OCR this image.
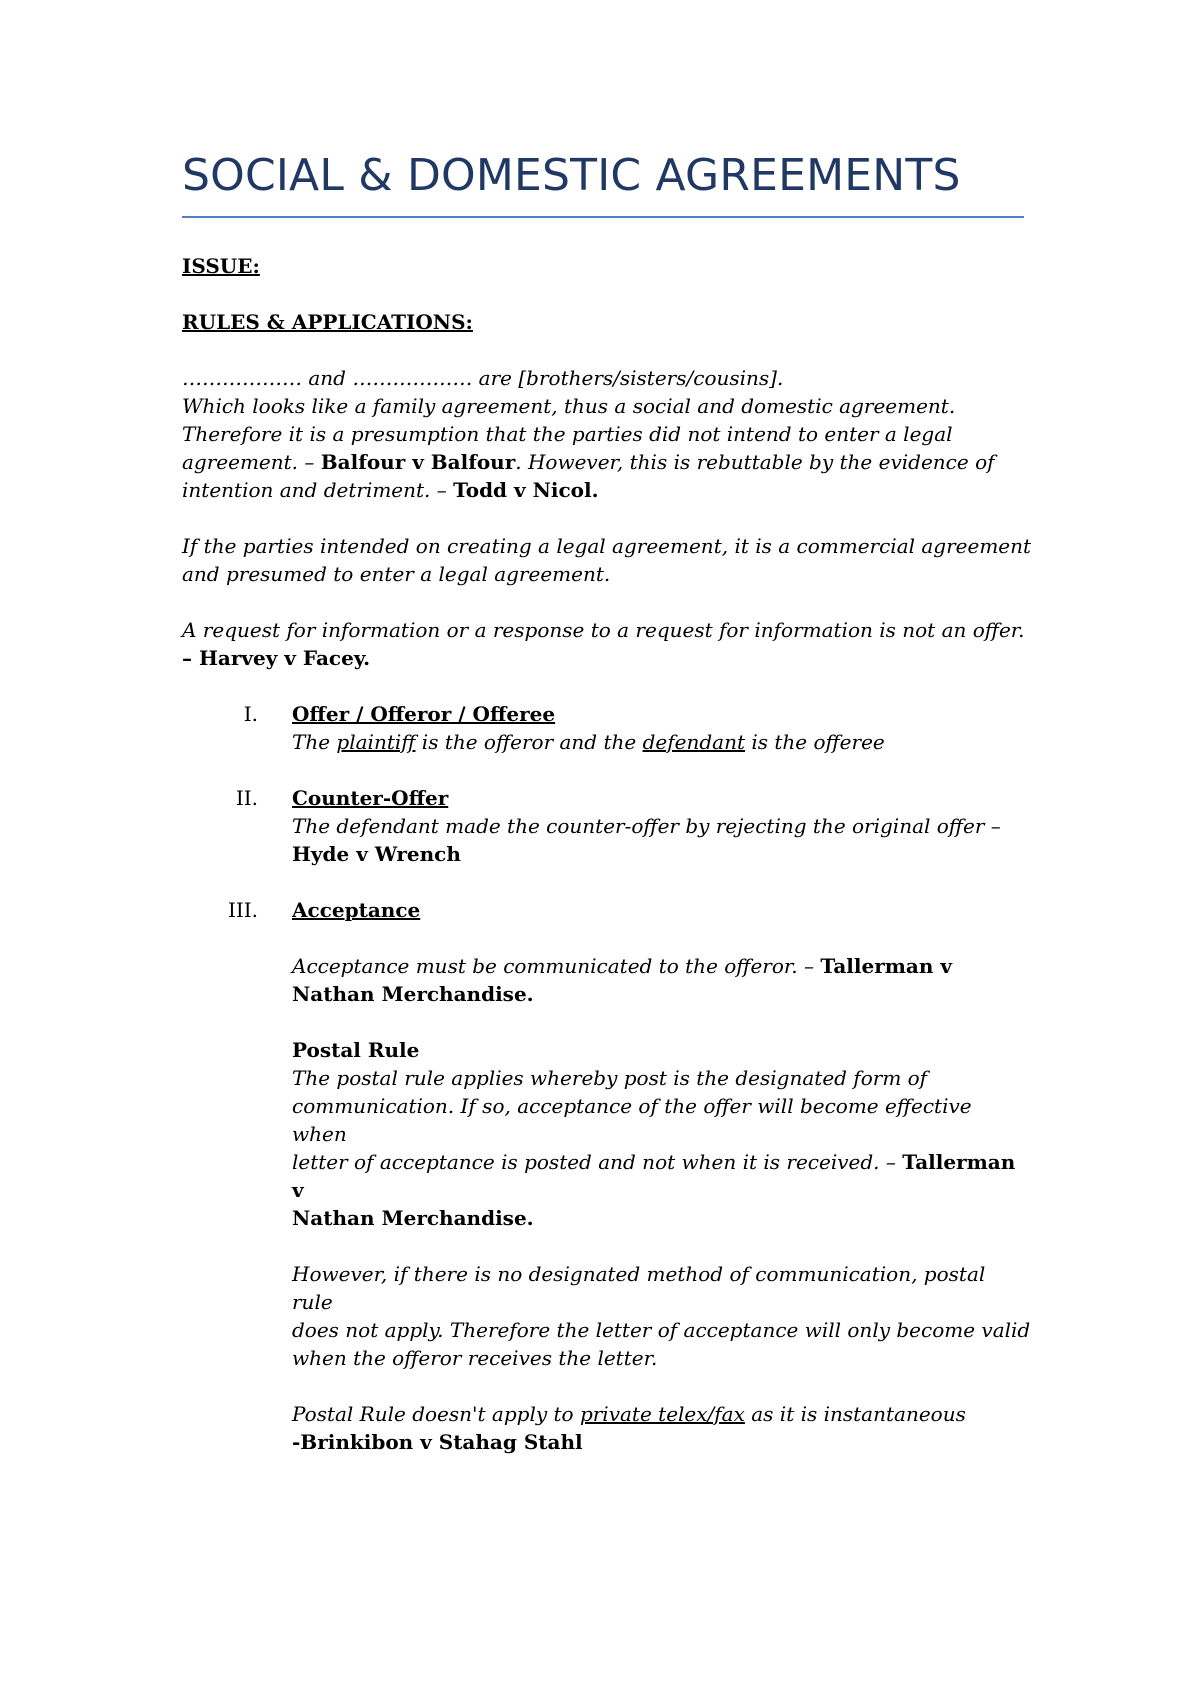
SOCIAL & DOMESTIC AGREEMENTS

ISSUE:

RULES & APPLICATIONS:

……………… and ……………… are [brothers/sisters/cousins].

Which looks like a family agreement, thus a social and domestic agreement.

Therefore it is a presumption that the parties did not intend to enter a legal

agreement. – Balfour v Balfour. However, this is rebuttable by the evidence of

intention and detriment. – Todd v Nicol.

If the parties intended on creating a legal agreement, it is a commercial agreement

and presumed to enter a legal agreement.

A request for information or a response to a request for information is not an offer.

– Harvey v Facey.

I. Offer / Offeror / Offeree

The plaintiff is the offeror and the defendant is the offeree

II. Counter-Offer

The defendant made the counter-offer by rejecting the original offer –

Hyde v Wrench

III. Acceptance

Acceptance must be communicated to the offeror. – Tallerman v

Nathan Merchandise.

Postal Rule

The postal rule applies whereby post is the designated form of

communication. If so, acceptance of the offer will become effective when

letter of acceptance is posted and not when it is received. – Tallerman v

Nathan Merchandise.

However, if there is no designated method of communication, postal rule

does not apply. Therefore the letter of acceptance will only become valid

when the offeror receives the letter.

Postal Rule doesn't apply to private telex/fax as it is instantaneous

-Brinkibon v Stahag Stahl
